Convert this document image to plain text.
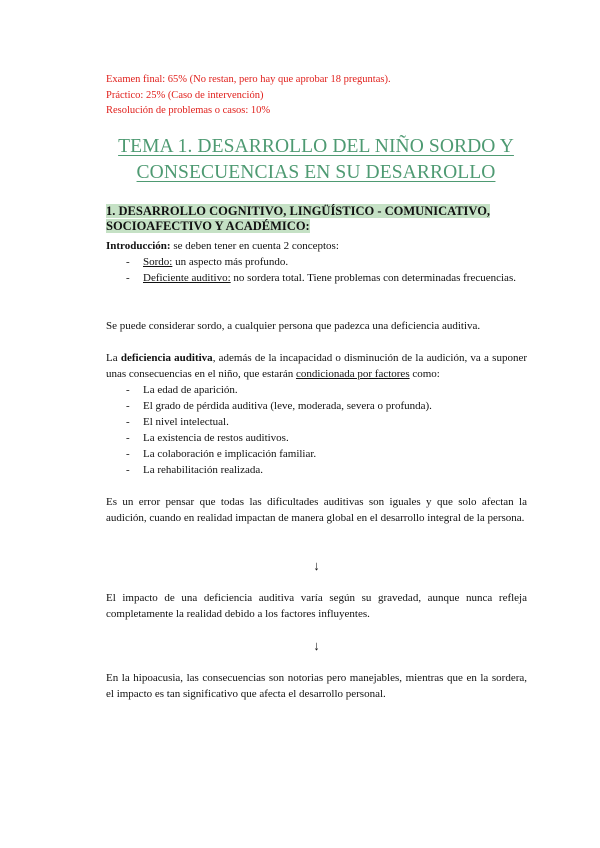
Examen final: 65% (No restan, pero hay que aprobar 18 preguntas).
Práctico: 25% (Caso de intervención)
Resolución de problemas o casos: 10%
TEMA 1. DESARROLLO DEL NIÑO SORDO Y CONSECUENCIAS EN SU DESARROLLO
1. DESARROLLO COGNITIVO, LINGÜÍSTICO - COMUNICATIVO, SOCIOAFECTIVO Y ACADÉMICO:
Introducción: se deben tener en cuenta 2 conceptos:
- Sordo: un aspecto más profundo.
- Deficiente auditivo: no sordera total. Tiene problemas con determinadas frecuencias.
Se puede considerar sordo, a cualquier persona que padezca una deficiencia auditiva.
La deficiencia auditiva, además de la incapacidad o disminución de la audición, va a suponer unas consecuencias en el niño, que estarán condicionada por factores como:
- La edad de aparición.
- El grado de pérdida auditiva (leve, moderada, severa o profunda).
- El nivel intelectual.
- La existencia de restos auditivos.
- La colaboración e implicación familiar.
- La rehabilitación realizada.
Es un error pensar que todas las dificultades auditivas son iguales y que solo afectan la audición, cuando en realidad impactan de manera global en el desarrollo integral de la persona.
↓
El impacto de una deficiencia auditiva varía según su gravedad, aunque nunca refleja completamente la realidad debido a los factores influyentes.
↓
En la hipoacusia, las consecuencias son notorias pero manejables, mientras que en la sordera, el impacto es tan significativo que afecta el desarrollo personal.
